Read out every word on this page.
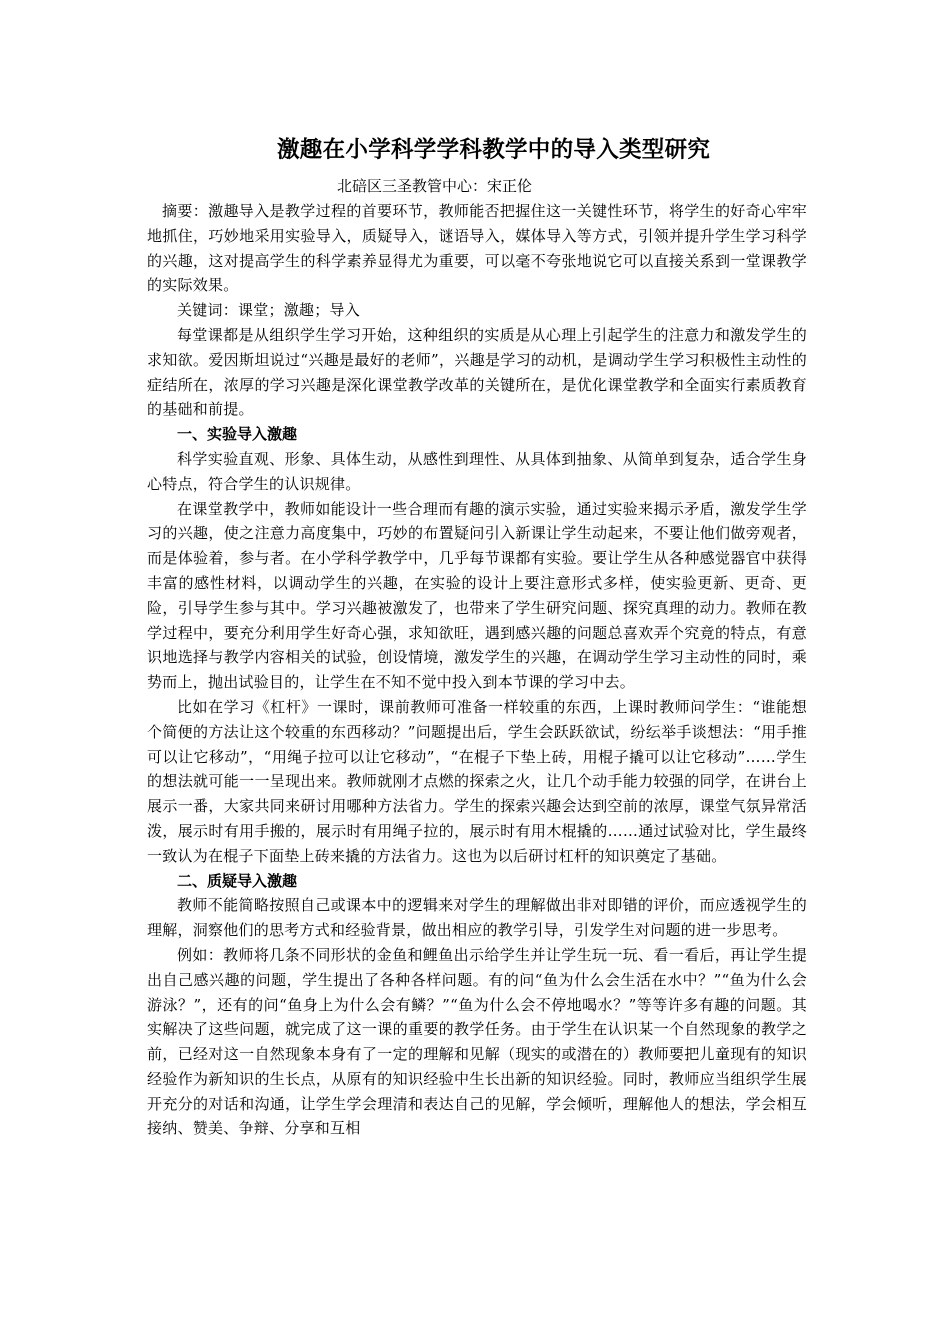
激趣在小学科学学科教学中的导入类型研究

北碚区三圣教管中心：宋正伦

摘要：激趣导入是教学过程的首要环节，教师能否把握住这一关键性环节，将学生的好奇心牢牢地抓住，巧妙地采用实验导入，质疑导入，谜语导入，媒体导入等方式，引领并提升学生学习科学的兴趣，这对提高学生的科学素养显得尤为重要，可以毫不夸张地说它可以直接关系到一堂课教学的实际效果。

关键词：课堂；激趣；导入

每堂课都是从组织学生学习开始，这种组织的实质是从心理上引起学生的注意力和激发学生的求知欲。爱因斯坦说过“兴趣是最好的老师”，兴趣是学习的动机，是调动学生学习积极性主动性的症结所在，浓厚的学习兴趣是深化课堂教学改革的关键所在，是优化课堂教学和全面实行素质教育的基础和前提。

一、实验导入激趣

科学实验直观、形象、具体生动，从感性到理性、从具体到抽象、从简单到复杂，适合学生身心特点，符合学生的认识规律。

在课堂教学中，教师如能设计一些合理而有趣的演示实验，通过实验来揭示矛盾，激发学生学习的兴趣，使之注意力高度集中，巧妙的布置疑问引入新课让学生动起来，不要让他们做旁观者，而是体验着，参与者。在小学科学教学中，几乎每节课都有实验。要让学生从各种感觉器官中获得丰富的感性材料，以调动学生的兴趣，在实验的设计上要注意形式多样，使实验更新、更奇、更险，引导学生参与其中。学习兴趣被激发了，也带来了学生研究问题、探究真理的动力。教师在教学过程中，要充分利用学生好奇心强，求知欲旺，遇到感兴趣的问题总喜欢弄个究竟的特点，有意识地选择与教学内容相关的试验，创设情境，激发学生的兴趣，在调动学生学习主动性的同时，乘势而上，抛出试验目的，让学生在不知不觉中投入到本节课的学习中去。

比如在学习《杠杆》一课时，课前教师可准备一样较重的东西，上课时教师问学生：“谁能想个简便的方法让这个较重的东西移动？”问题提出后，学生会跃跃欲试，纷纭举手谈想法：“用手推可以让它移动”，“用绳子拉可以让它移动”，“在棍子下垫上砖，用棍子撬可以让它移动”……学生的想法就可能一一呈现出来。教师就刚才点燃的探索之火，让几个动手能力较强的同学，在讲台上展示一番，大家共同来研讨用哪种方法省力。学生的探索兴趣会达到空前的浓厚，课堂气氛异常活泼，展示时有用手搬的，展示时有用绳子拉的，展示时有用木棍撬的……通过试验对比，学生最终一致认为在棍子下面垫上砖来撬的方法省力。这也为以后研讨杠杆的知识奠定了基础。

二、质疑导入激趣

教师不能简略按照自己或课本中的逻辑来对学生的理解做出非对即错的评价，而应透视学生的理解，洞察他们的思考方式和经验背景，做出相应的教学引导，引发学生对问题的进一步思考。

例如：教师将几条不同形状的金鱼和鲤鱼出示给学生并让学生玩一玩、看一看后，再让学生提出自己感兴趣的问题，学生提出了各种各样问题。有的问“鱼为什么会生活在水中？”“鱼为什么会游泳？”，还有的问“鱼身上为什么会有鳞？”“鱼为什么会不停地喝水？”等等许多有趣的问题。其实解决了这些问题，就完成了这一课的重要的教学任务。由于学生在认识某一个自然现象的教学之前，已经对这一自然现象本身有了一定的理解和见解（现实的或潜在的）教师要把儿童现有的知识经验作为新知识的生长点，从原有的知识经验中生长出新的知识经验。同时，教师应当组织学生展开充分的对话和沟通，让学生学会理清和表达自己的见解，学会倾听，理解他人的想法，学会相互接纳、赞美、争辩、分享和互相
